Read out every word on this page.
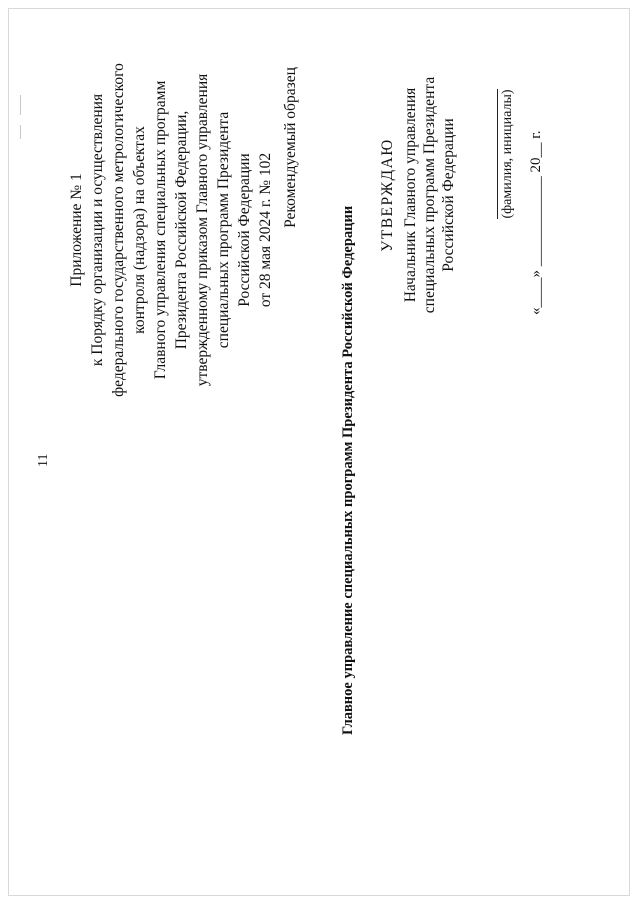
11
Приложение № 1 к Порядку организации и осуществления федерального государственного метрологического контроля (надзора) на объектах Главного управления специальных программ Президента Российской Федерации, утвержденному приказом Главного управления специальных программ Президента Российской Федерации от 28 мая 2024 г. № 102
Рекомендуемый образец
Главное управление специальных программ Президента Российской Федерации
УТВЕРЖДАЮ Начальник Главного управления специальных программ Президента Российской Федерации	(фамилия, инициалы) «____» ____________ 20__ г.
